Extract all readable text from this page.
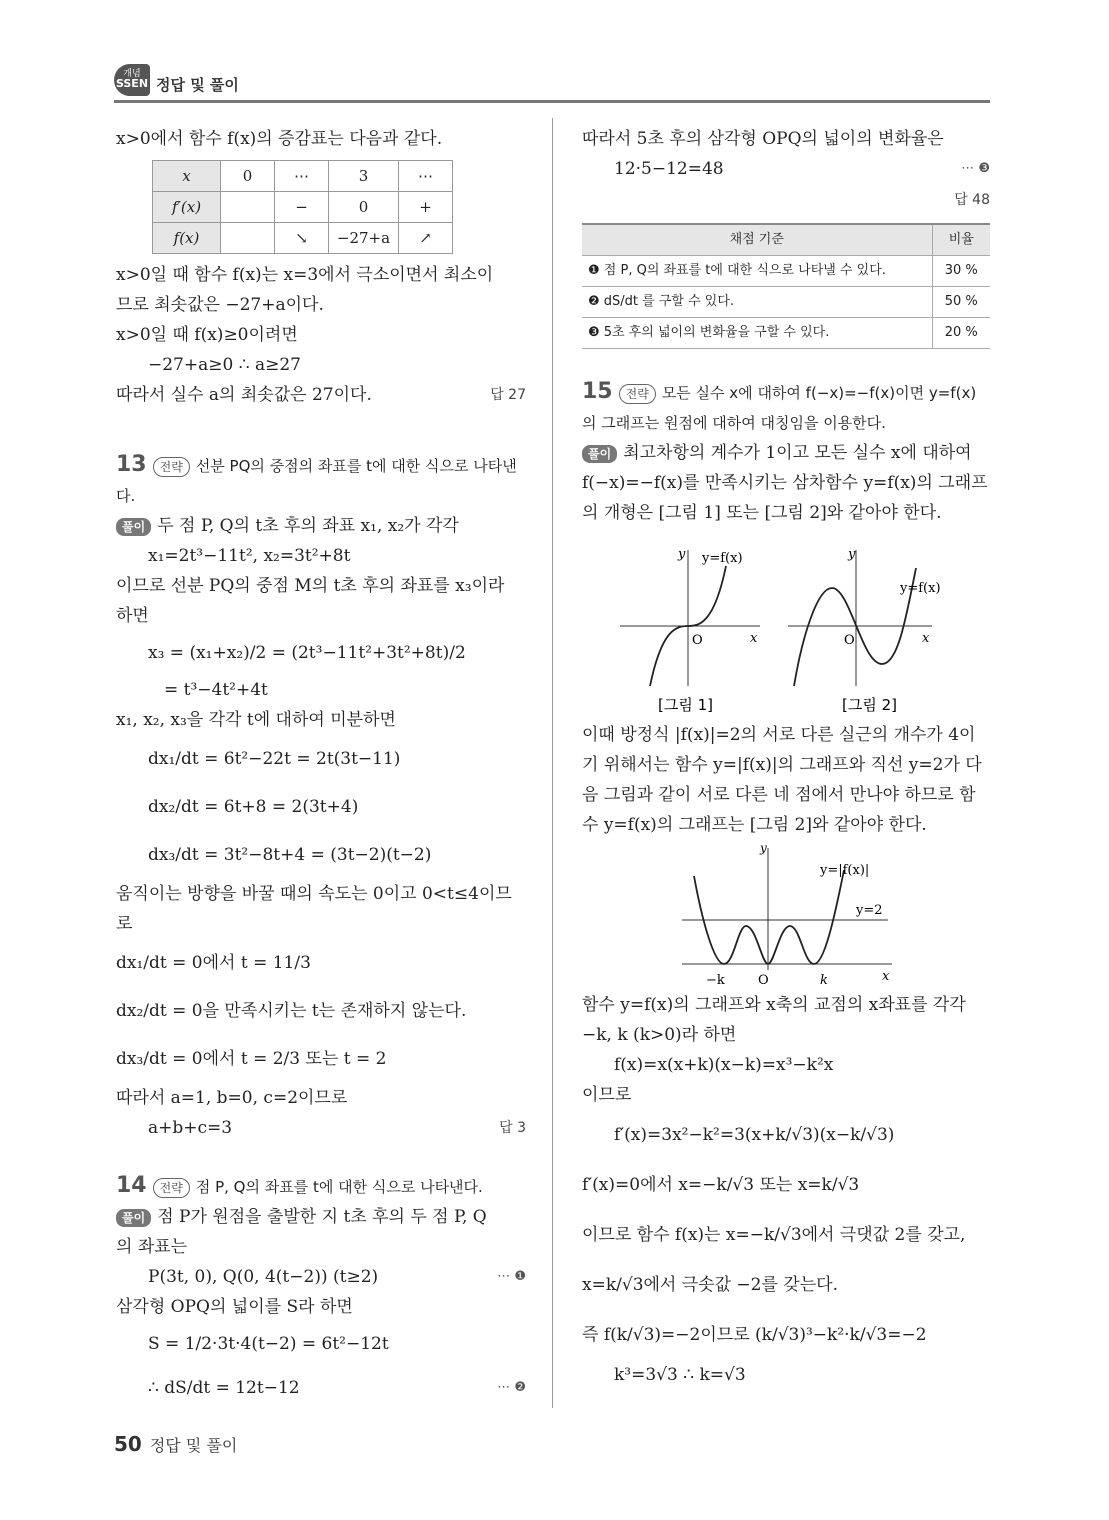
개념
SSEN 정답 및 풀이

x>0에서 함수 f(x)의 증감표는 다음과 같다.

x	0	⋯	3	⋯
f′(x)		−	0	+
f(x)		↘	−27+a	↗

x>0일 때 함수 f(x)는 x=3에서 극소이면서 최소이

므로 최솟값은 −27+a이다.

x>0일 때 f(x)≥0이려면

−27+a≥0 ∴ a≥27

답 27
따라서 실수 a의 최솟값은 27이다.

13 전략 선분 PQ의 중점의 좌표를 t에 대한 식으로 나타낸다.

풀이 두 점 P, Q의 t초 후의 좌표 x₁, x₂가 각각

x₁=2t³−11t², x₂=3t²+8t

이므로 선분 PQ의 중점 M의 t초 후의 좌표를 x₃이라

하면

x₃ = (x₁+x₂)/2 = (2t³−11t²+3t²+8t)/2

= t³−4t²+4t

x₁, x₂, x₃을 각각 t에 대하여 미분하면

dx₁/dt = 6t²−22t = 2t(3t−11)

dx₂/dt = 6t+8 = 2(3t+4)

dx₃/dt = 3t²−8t+4 = (3t−2)(t−2)

움직이는 방향을 바꿀 때의 속도는 0이고 0<t≤4이므로

dx₁/dt = 0에서 t = 11/3

dx₂/dt = 0을 만족시키는 t는 존재하지 않는다.

dx₃/dt = 0에서 t = 2/3 또는 t = 2

따라서 a=1, b=0, c=2이므로

답 3
a+b+c=3

14 전략 점 P, Q의 좌표를 t에 대한 식으로 나타낸다.

풀이 점 P가 원점을 출발한 지 t초 후의 두 점 P, Q

의 좌표는

⋯ ❶
P(3t, 0), Q(0, 4(t−2)) (t≥2)

삼각형 OPQ의 넓이를 S라 하면

S = 1/2·3t·4(t−2) = 6t²−12t

⋯ ❷
∴ dS/dt = 12t−12

따라서 5초 후의 삼각형 OPQ의 넓이의 변화율은

⋯ ❸
12·5−12=48

답 48

채점 기준	비율
❶ 점 P, Q의 좌표를 t에 대한 식으로 나타낼 수 있다.	30 %
❷ dS/dt 를 구할 수 있다.	50 %
❸ 5초 후의 넓이의 변화율을 구할 수 있다.	20 %

15 전략 모든 실수 x에 대하여 f(−x)=−f(x)이면 y=f(x)의 그래프는 원점에 대하여 대칭임을 이용한다.

풀이 최고차항의 계수가 1이고 모든 실수 x에 대하여 f(−x)=−f(x)를 만족시키는 삼차함수 y=f(x)의 그래프의 개형은 [그림 1] 또는 [그림 2]와 같아야 한다.

y y=f(x)
O	x
y
y=f(x)
O	x
[그림 1]	[그림 2]

이때 방정식 |f(x)|=2의 서로 다른 실근의 개수가 4이기 위해서는 함수 y=|f(x)|의 그래프와 직선 y=2가 다음 그림과 같이 서로 다른 네 점에서 만나야 하므로 함수 y=f(x)의 그래프는 [그림 2]와 같아야 한다.

y
y=|f(x)|
y=2
−k	O	k	x

함수 y=f(x)의 그래프와 x축의 교점의 x좌표를 각각 −k, k (k>0)라 하면

f(x)=x(x+k)(x−k)=x³−k²x

이므로

f′(x)=3x²−k²=3(x+k/√3)(x−k/√3)

f′(x)=0에서 x=−k/√3 또는 x=k/√3

이므로 함수 f(x)는 x=−k/√3에서 극댓값 2를 갖고,

x=k/√3에서 극솟값 −2를 갖는다.

즉 f(k/√3)=−2이므로 (k/√3)³−k²·k/√3=−2

k³=3√3 ∴ k=√3

50 정답 및 풀이
